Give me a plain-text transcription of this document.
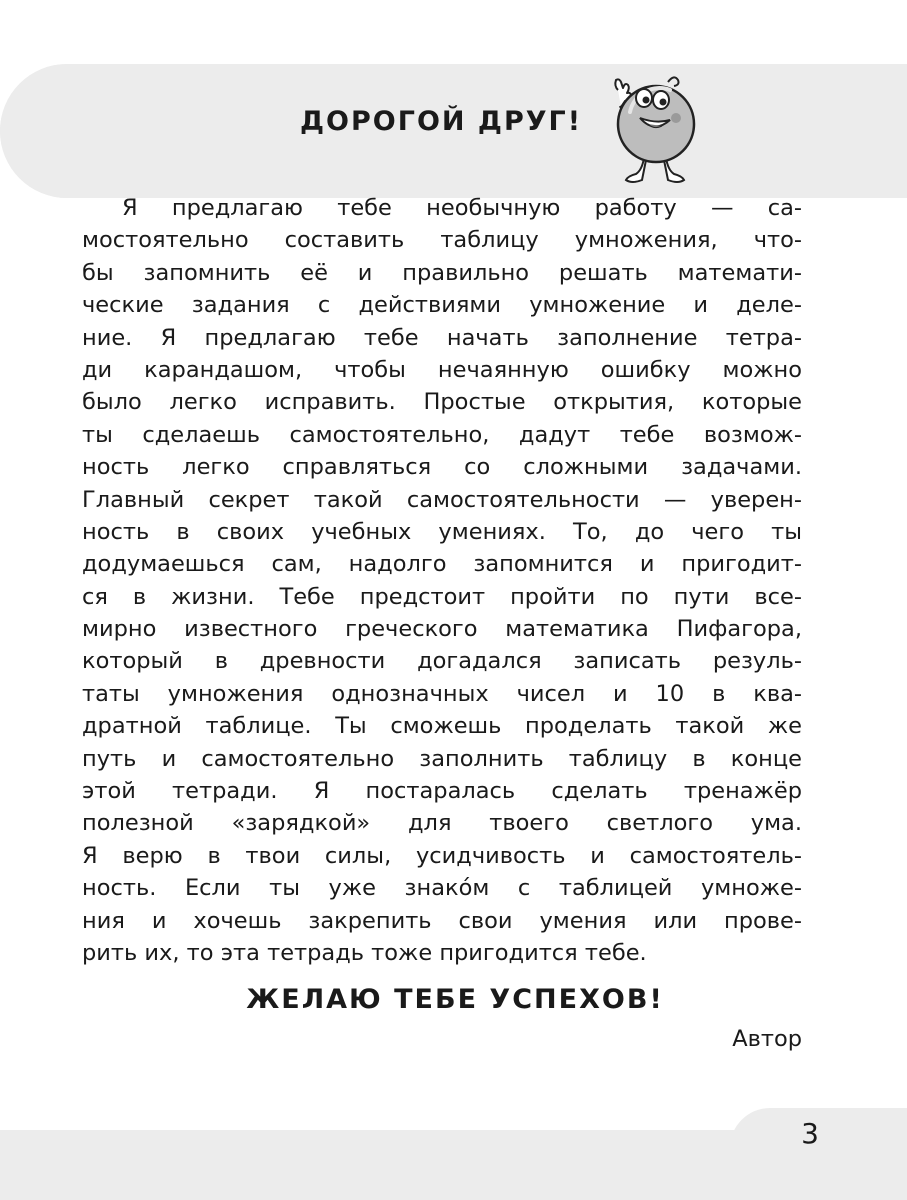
ДОРОГОЙ ДРУГ!
Я предлагаю тебе необычную работу — са-
мостоятельно составить таблицу умножения, что-
бы запомнить её и правильно решать математи-
ческие задания с действиями умножение и деле-
ние. Я предлагаю тебе начать заполнение тетра-
ди карандашом, чтобы нечаянную ошибку можно
было легко исправить. Простые открытия, которые
ты сделаешь самостоятельно, дадут тебе возмож-
ность легко справляться со сложными задачами.
Главный секрет такой самостоятельности — уверен-
ность в своих учебных умениях. То, до чего ты
додумаешься сам, надолго запомнится и пригодит-
ся в жизни. Тебе предстоит пройти по пути все-
мирно известного греческого математика Пифагора,
который в древности догадался записать резуль-
таты умножения однозначных чисел и 10 в ква-
дратной таблице. Ты сможешь проделать такой же
путь и самостоятельно заполнить таблицу в конце
этой тетради. Я постаралась сделать тренажёр
полезной «зарядкой» для твоего светлого ума.
Я верю в твои силы, усидчивость и самостоятель-
ность. Если ты уже знако́м с таблицей умноже-
ния и хочешь закрепить свои умения или прове-
рить их, то эта тетрадь тоже пригодится тебе.
ЖЕЛАЮ ТЕБЕ УСПЕХОВ!
Автор
3
